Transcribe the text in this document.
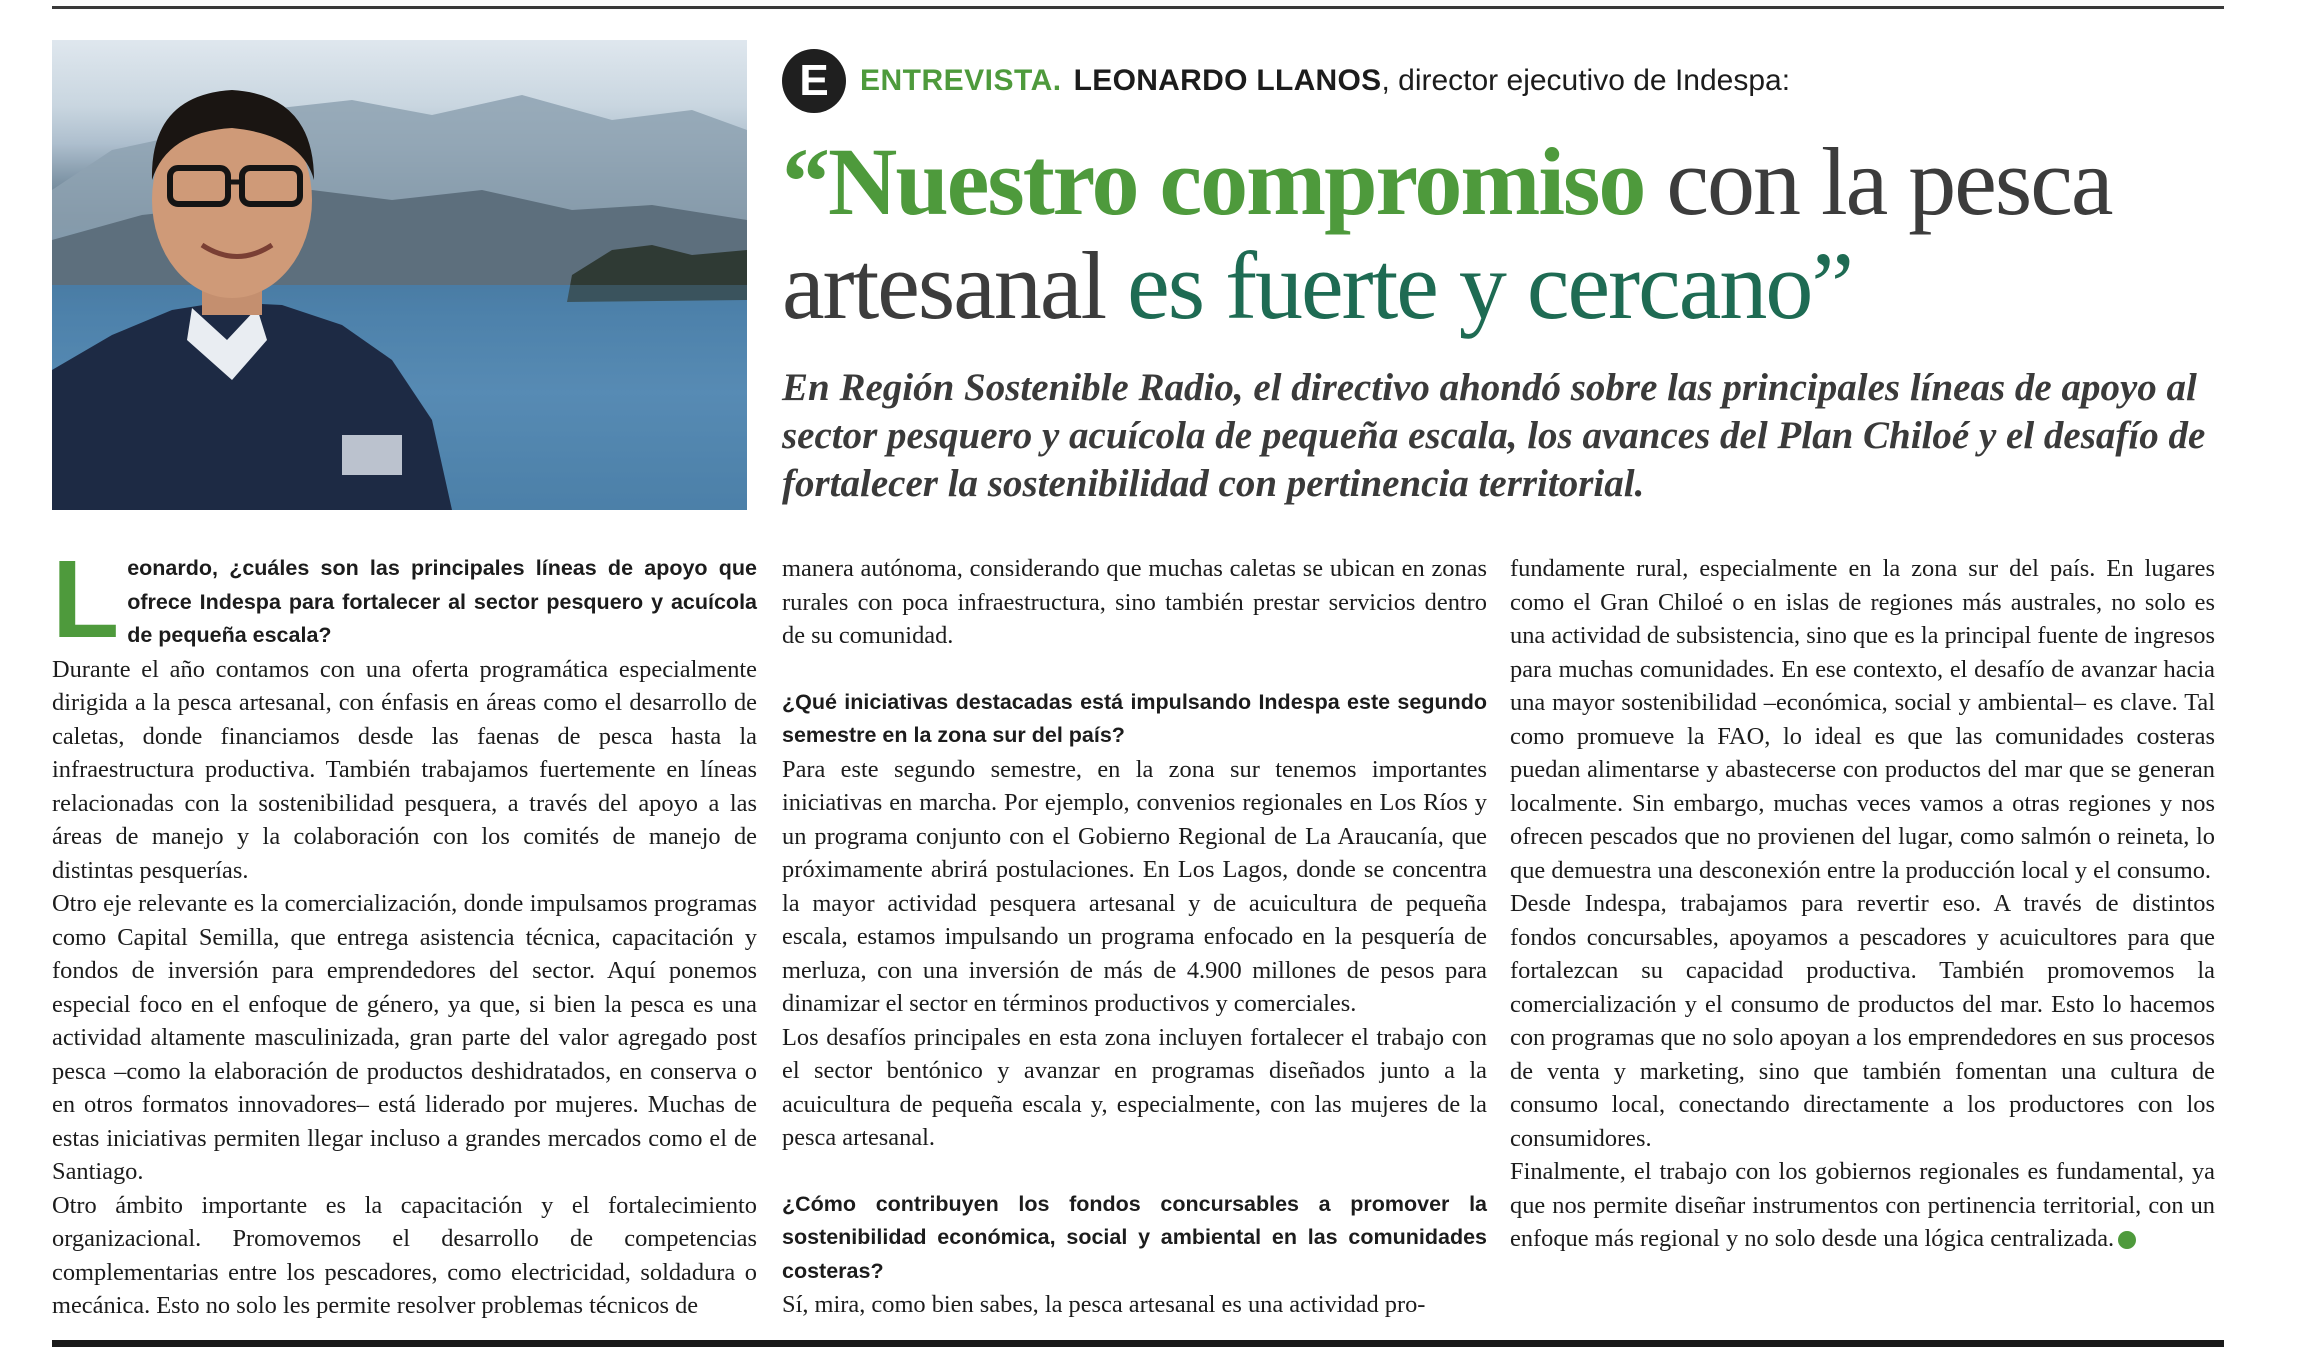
E	ENTREVISTA. LEONARDO LLANOS , director ejecutivo de Indespa:
“Nuestro compromiso con la pesca artesanal es fuerte y cercano”
En Región Sostenible Radio, el directivo ahondó sobre las principales líneas de apoyo al sector pesquero y acuícola de pequeña escala, los avances del Plan Chiloé y el desafío de fortalecer la sostenibilidad con pertinencia territorial.
L eonardo, ¿cuáles son las principales líneas de apoyo que ofrece Indespa para fortalecer al sector pesquero y acuícola de pequeña escala?

Durante el año contamos con una oferta programática especialmente dirigida a la pesca artesanal, con énfasis en áreas como el desarrollo de caletas, donde financiamos desde las faenas de pesca hasta la infraestructura productiva. También trabajamos fuertemente en líneas relacionadas con la sostenibilidad pesquera, a través del apoyo a las áreas de manejo y la colaboración con los comités de manejo de distintas pesquerías.

Otro eje relevante es la comercialización, donde impulsamos programas como Capital Semilla, que entrega asistencia técnica, capacitación y fondos de inversión para emprendedores del sector. Aquí ponemos especial foco en el enfoque de género, ya que, si bien la pesca es una actividad altamente masculinizada, gran parte del valor agregado post pesca –como la elaboración de productos deshidratados, en conserva o en otros formatos innovadores– está liderado por mujeres. Muchas de estas iniciativas permiten llegar incluso a grandes mercados como el de Santiago.

Otro ámbito importante es la capacitación y el fortalecimiento organizacional. Promovemos el desarrollo de competencias complementarias entre los pescadores, como electricidad, soldadura o mecánica. Esto no solo les permite resolver problemas técnicos de

manera autónoma, considerando que muchas caletas se ubican en zonas rurales con poca infraestructura, sino también prestar servicios dentro de su comunidad.

¿Qué iniciativas destacadas está impulsando Indespa este segundo semestre en la zona sur del país?

Para este segundo semestre, en la zona sur tenemos importantes iniciativas en marcha. Por ejemplo, convenios regionales en Los Ríos y un programa conjunto con el Gobierno Regional de La Araucanía, que próximamente abrirá postulaciones. En Los Lagos, donde se concentra la mayor actividad pesquera artesanal y de acuicultura de pequeña escala, estamos impulsando un programa enfocado en la pesquería de merluza, con una inversión de más de 4.900 millones de pesos para dinamizar el sector en términos productivos y comerciales.

Los desafíos principales en esta zona incluyen fortalecer el trabajo con el sector bentónico y avanzar en programas diseñados junto a la acuicultura de pequeña escala y, especialmente, con las mujeres de la pesca artesanal.

¿Cómo contribuyen los fondos concursables a promover la sostenibilidad económica, social y ambiental en las comunidades costeras?

Sí, mira, como bien sabes, la pesca artesanal es una actividad pro-

fundamente rural, especialmente en la zona sur del país. En lugares como el Gran Chiloé o en islas de regiones más australes, no solo es una actividad de subsistencia, sino que es la principal fuente de ingresos para muchas comunidades. En ese contexto, el desafío de avanzar hacia una mayor sostenibilidad –económica, social y ambiental– es clave. Tal como promueve la FAO, lo ideal es que las comunidades costeras puedan alimentarse y abastecerse con productos del mar que se generan localmente. Sin embargo, muchas veces vamos a otras regiones y nos ofrecen pescados que no provienen del lugar, como salmón o reineta, lo que demuestra una desconexión entre la producción local y el consumo.

Desde Indespa, trabajamos para revertir eso. A través de distintos fondos concursables, apoyamos a pescadores y acuicultores para que fortalezcan su capacidad productiva. También promovemos la comercialización y el consumo de productos del mar. Esto lo hacemos con programas que no solo apoyan a los emprendedores en sus procesos de venta y marketing, sino que también fomentan una cultura de consumo local, conectando directamente a los productores con los consumidores.

Finalmente, el trabajo con los gobiernos regionales es fundamental, ya que nos permite diseñar instrumentos con pertinencia territorial, con un enfoque más regional y no solo desde una lógica centralizada.
